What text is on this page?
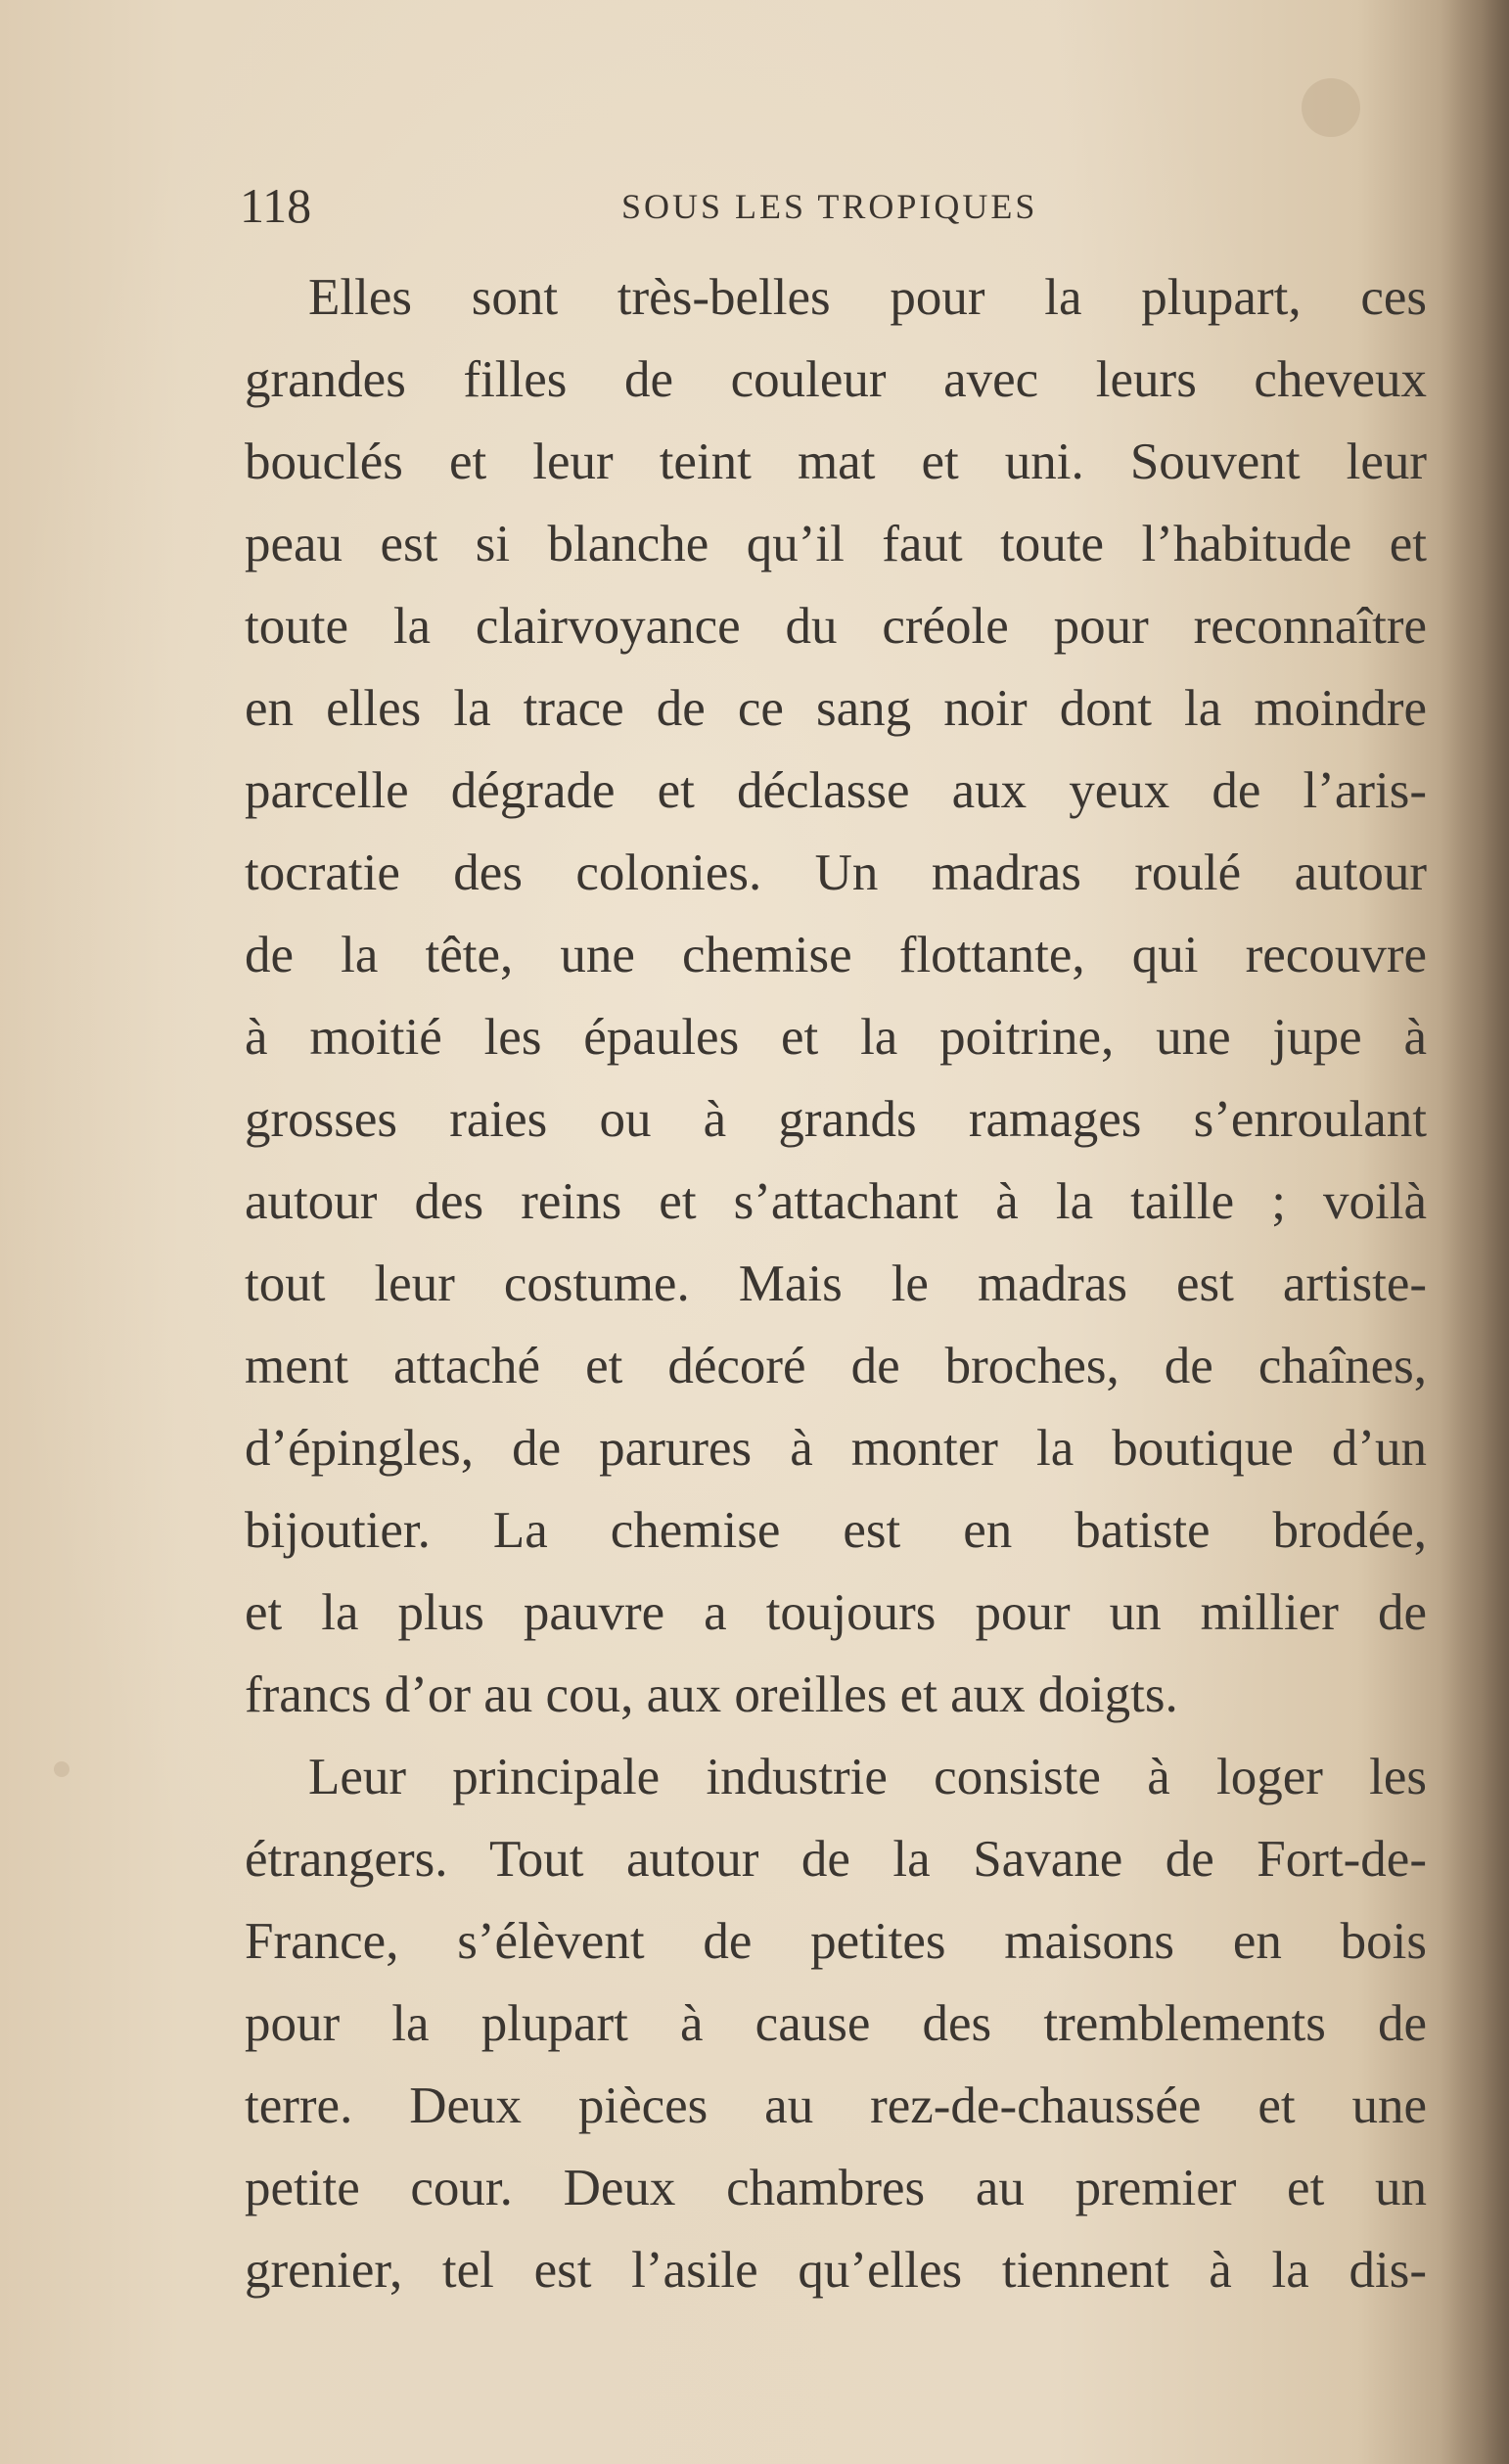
118	SOUS LES TROPIQUES
Elles sont très-belles pour la plupart, ces
grandes filles de couleur avec leurs cheveux
bouclés et leur teint mat et uni. Souvent leur
peau est si blanche qu’il faut toute l’habitude et
toute la clairvoyance du créole pour reconnaître
en elles la trace de ce sang noir dont la moindre
parcelle dégrade et déclasse aux yeux de l’aris-
tocratie des colonies. Un madras roulé autour
de la tête, une chemise flottante, qui recouvre
à moitié les épaules et la poitrine, une jupe à
grosses raies ou à grands ramages s’enroulant
autour des reins et s’attachant à la taille ; voilà
tout leur costume. Mais le madras est artiste-
ment attaché et décoré de broches, de chaînes,
d’épingles, de parures à monter la boutique d’un
bijoutier. La chemise est en batiste brodée,
et la plus pauvre a toujours pour un millier de
francs d’or au cou, aux oreilles et aux doigts.
Leur principale industrie consiste à loger les
étrangers. Tout autour de la Savane de Fort-de-
France, s’élèvent de petites maisons en bois
pour la plupart à cause des tremblements de
terre. Deux pièces au rez-de-chaussée et une
petite cour. Deux chambres au premier et un
grenier, tel est l’asile qu’elles tiennent à la dis-
